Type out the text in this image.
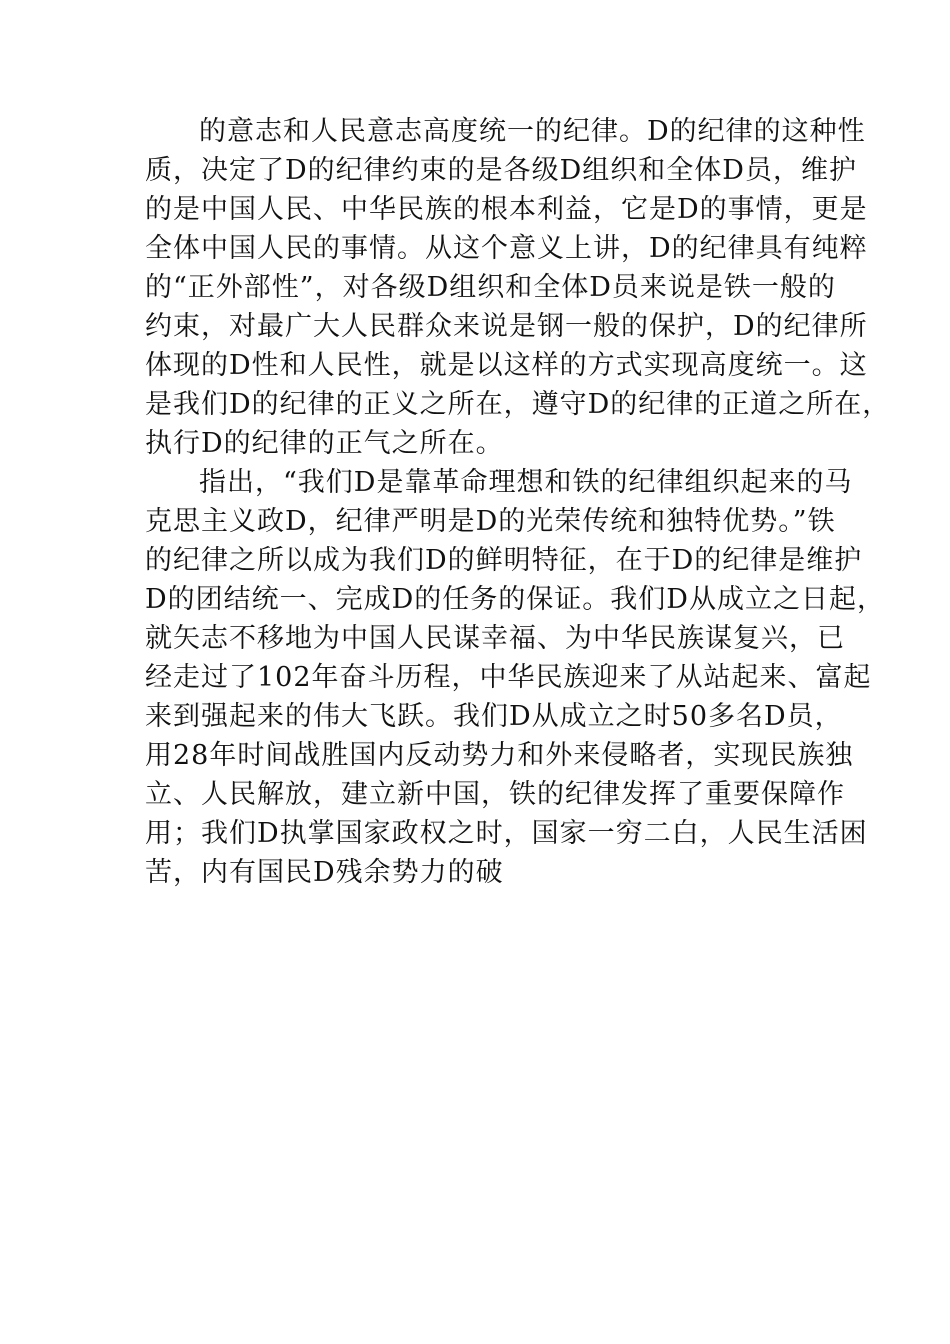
的意志和人民意志高度统一的纪律。D的纪律的这种性
质，决定了D的纪律约束的是各级D组织和全体D员，维护
的是中国人民、中华民族的根本利益，它是D的事情，更是
全体中国人民的事情。从这个意义上讲，D的纪律具有纯粹
的“正外部性”，对各级D组织和全体D员来说是铁一般的
约束，对最广大人民群众来说是钢一般的保护，D的纪律所
体现的D性和人民性，就是以这样的方式实现高度统一。这
是我们D的纪律的正义之所在，遵守D的纪律的正道之所在，
执行D的纪律的正气之所在。
指出，“我们D是靠革命理想和铁的纪律组织起来的马
克思主义政D，纪律严明是D的光荣传统和独特优势。”铁
的纪律之所以成为我们D的鲜明特征，在于D的纪律是维护
D的团结统一、完成D的任务的保证。我们D从成立之日起，
就矢志不移地为中国人民谋幸福、为中华民族谋复兴，已
经走过了102年奋斗历程，中华民族迎来了从站起来、富起
来到强起来的伟大飞跃。我们D从成立之时50多名D员，
用28年时间战胜国内反动势力和外来侵略者，实现民族独
立、人民解放，建立新中国，铁的纪律发挥了重要保障作
用；我们D执掌国家政权之时，国家一穷二白，人民生活困
苦，内有国民D残余势力的破
